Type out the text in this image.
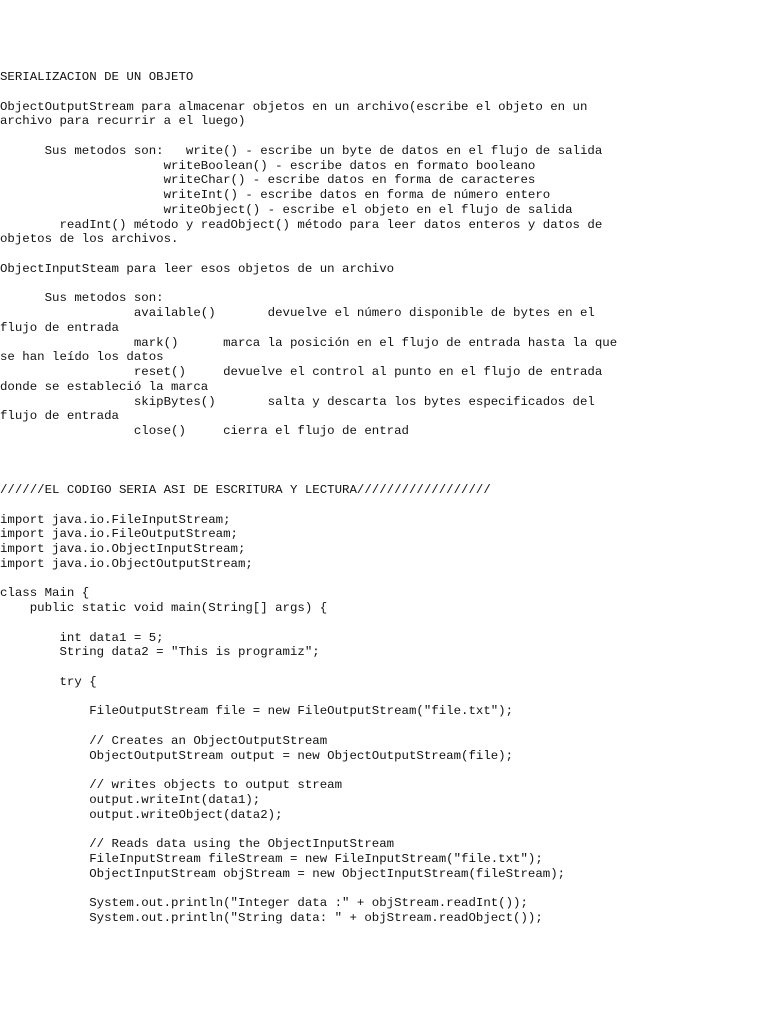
SERIALIZACION DE UN OBJETO
ObjectOutputStream para almacenar objetos en un archivo(escribe el objeto en un
archivo para recurrir a el luego)
Sus metodos son:   write() - escribe un byte de datos en el flujo de salida
writeBoolean() - escribe datos en formato booleano
writeChar() - escribe datos en forma de caracteres
writeInt() - escribe datos en forma de número entero
writeObject() - escribe el objeto en el flujo de salida
readInt() método y readObject() método para leer datos enteros y datos de
objetos de los archivos.
ObjectInputSteam para leer esos objetos de un archivo
Sus metodos son:
available()       devuelve el número disponible de bytes en el
flujo de entrada
mark()      marca la posición en el flujo de entrada hasta la que
se han leído los datos
reset()     devuelve el control al punto en el flujo de entrada
donde se estableció la marca
skipBytes()       salta y descarta los bytes especificados del
flujo de entrada
close()     cierra el flujo de entrad
//////EL CODIGO SERIA ASI DE ESCRITURA Y LECTURA//////////////////
import java.io.FileInputStream;
import java.io.FileOutputStream;
import java.io.ObjectInputStream;
import java.io.ObjectOutputStream;
class Main {
public static void main(String[] args) {
int data1 = 5;
String data2 = "This is programiz";
try {
FileOutputStream file = new FileOutputStream("file.txt");
// Creates an ObjectOutputStream
ObjectOutputStream output = new ObjectOutputStream(file);
// writes objects to output stream
output.writeInt(data1);
output.writeObject(data2);
// Reads data using the ObjectInputStream
FileInputStream fileStream = new FileInputStream("file.txt");
ObjectInputStream objStream = new ObjectInputStream(fileStream);
System.out.println("Integer data :" + objStream.readInt());
System.out.println("String data: " + objStream.readObject());
